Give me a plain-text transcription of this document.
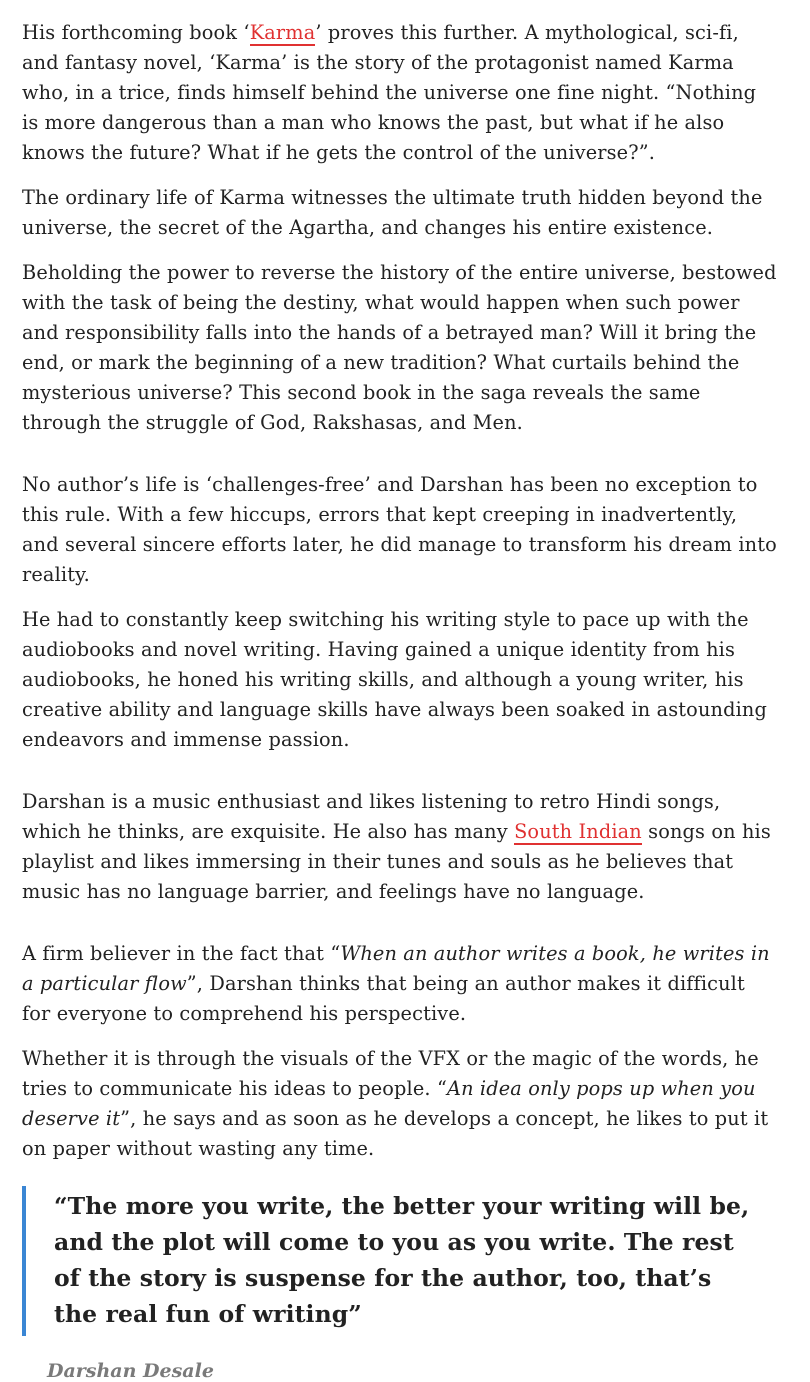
His forthcoming book ‘Karma’ proves this further. A mythological, sci-fi, and fantasy novel, ‘Karma’ is the story of the protagonist named Karma who, in a trice, finds himself behind the universe one fine night. “Nothing is more dangerous than a man who knows the past, but what if he also knows the future? What if he gets the control of the universe?”.

The ordinary life of Karma witnesses the ultimate truth hidden beyond the universe, the secret of the Agartha, and changes his entire existence.

Beholding the power to reverse the history of the entire universe, bestowed with the task of being the destiny, what would happen when such power and responsibility falls into the hands of a betrayed man? Will it bring the end, or mark the beginning of a new tradition? What curtails behind the mysterious universe? This second book in the saga reveals the same through the struggle of God, Rakshasas, and Men.

No author’s life is ‘challenges-free’ and Darshan has been no exception to this rule. With a few hiccups, errors that kept creeping in inadvertently, and several sincere efforts later, he did manage to transform his dream into reality.

He had to constantly keep switching his writing style to pace up with the audiobooks and novel writing. Having gained a unique identity from his audiobooks, he honed his writing skills, and although a young writer, his creative ability and language skills have always been soaked in astounding endeavors and immense passion.

Darshan is a music enthusiast and likes listening to retro Hindi songs, which he thinks, are exquisite. He also has many South Indian songs on his playlist and likes immersing in their tunes and souls as he believes that music has no language barrier, and feelings have no language.

A firm believer in the fact that “When an author writes a book, he writes in a particular flow”, Darshan thinks that being an author makes it difficult for everyone to comprehend his perspective.

Whether it is through the visuals of the VFX or the magic of the words, he tries to communicate his ideas to people. “An idea only pops up when you deserve it”, he says and as soon as he develops a concept, he likes to put it on paper without wasting any time.

“The more you write, the better your writing will be, and the plot will come to you as you write. The rest of the story is suspense for the author, too, that’s the real fun of writing”

Darshan Desale
